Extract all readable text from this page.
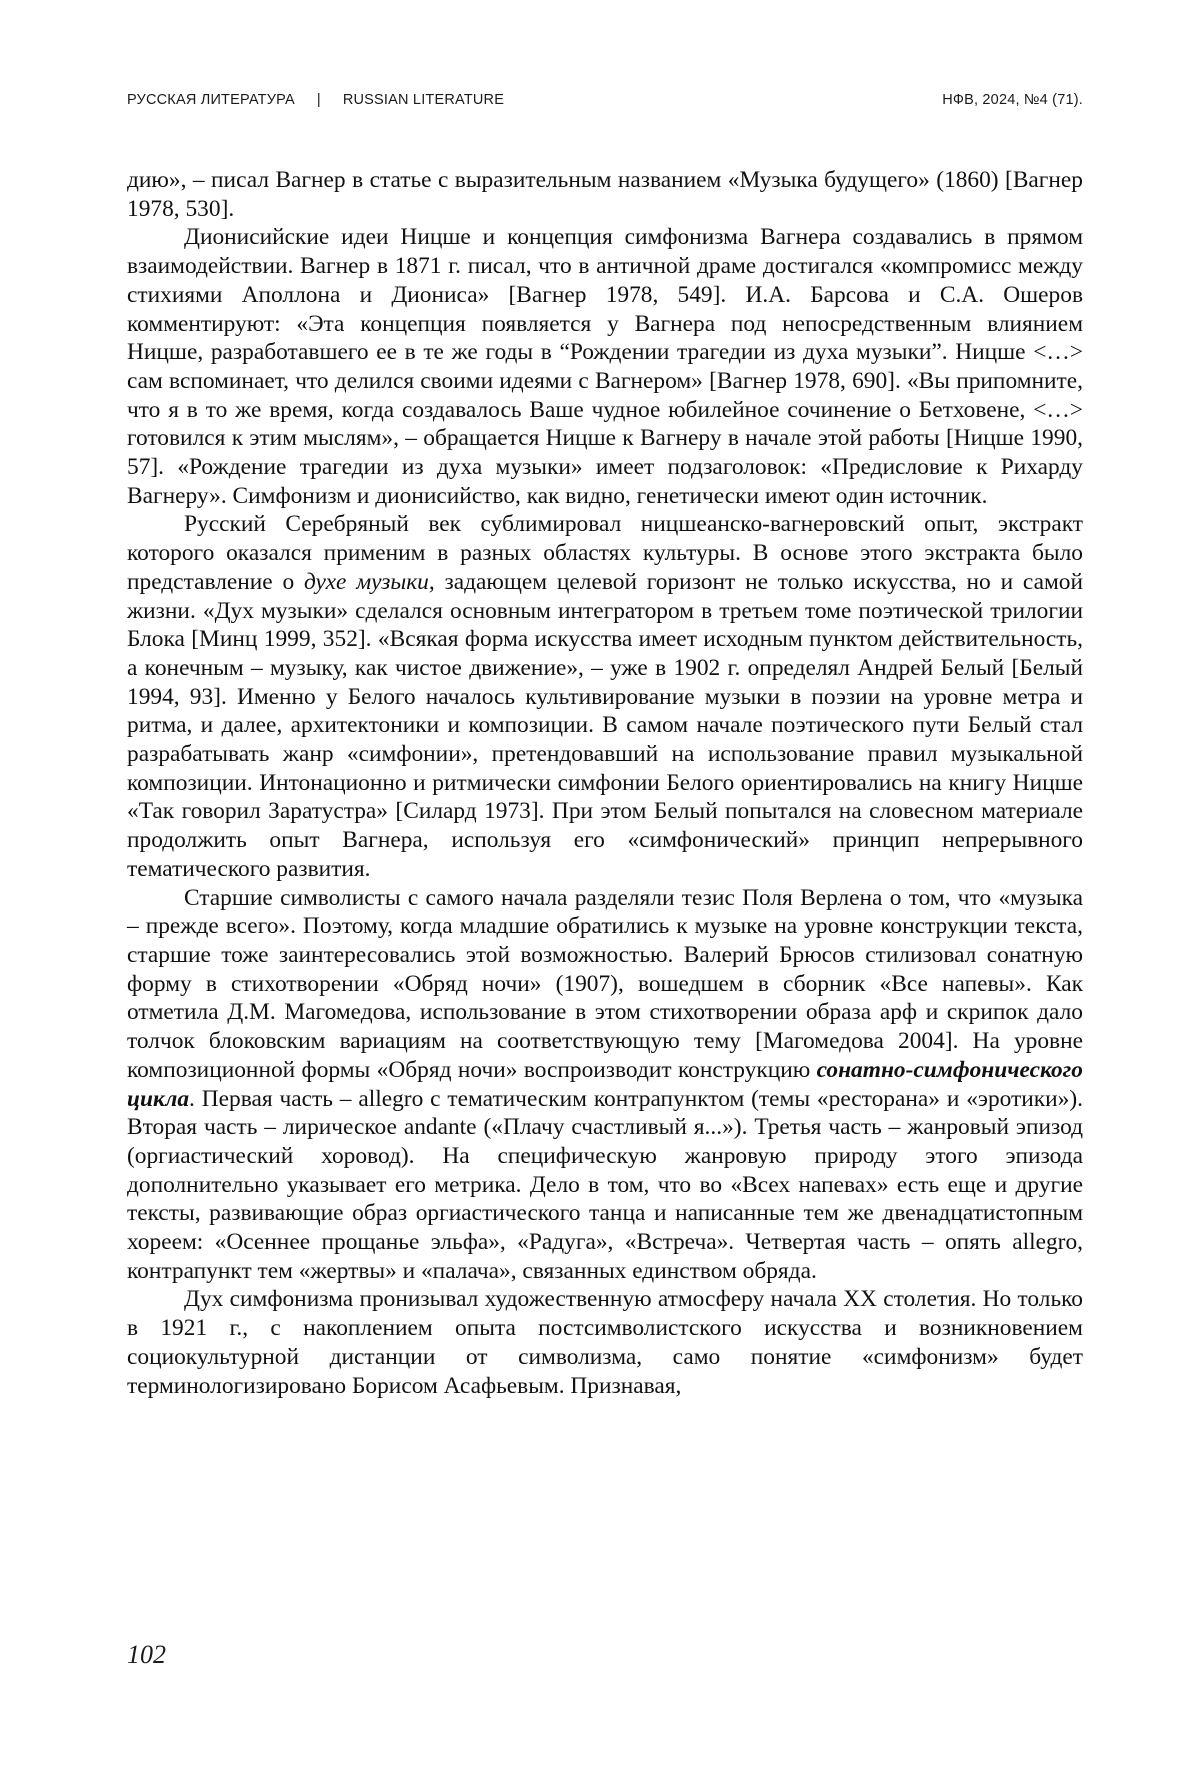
РУССКАЯ ЛИТЕРАТУРА | RUSSIAN LITERATURE	НФВ, 2024, №4 (71).

дию», – писал Вагнер в статье с выразительным названием «Музыка будущего» (1860) [Вагнер 1978, 530].

Дионисийские идеи Ницше и концепция симфонизма Вагнера создавались в прямом взаимодействии. Вагнер в 1871 г. писал, что в античной драме достигался «компромисс между стихиями Аполлона и Диониса» [Вагнер 1978, 549]. И.А. Барсова и С.А. Ошеров комментируют: «Эта концепция появляется у Вагнера под непосредственным влиянием Ницше, разработавшего ее в те же годы в “Рождении трагедии из духа музыки”. Ницше <…> сам вспоминает, что делился своими идеями с Вагнером» [Вагнер 1978, 690]. «Вы припомните, что я в то же время, когда создавалось Ваше чудное юбилейное сочинение о Бетховене, <…> готовился к этим мыслям», – обращается Ницше к Вагнеру в начале этой работы [Ницше 1990, 57]. «Рождение трагедии из духа музыки» имеет подзаголовок: «Предисловие к Рихарду Вагнеру». Симфонизм и дионисийство, как видно, генетически имеют один источник.

Русский Серебряный век сублимировал ницшеанско-вагнеровский опыт, экстракт которого оказался применим в разных областях культуры. В основе этого экстракта было представление о духе музыки, задающем целевой горизонт не только искусства, но и самой жизни. «Дух музыки» сделался основным интегратором в третьем томе поэтической трилогии Блока [Минц 1999, 352]. «Всякая форма искусства имеет исходным пунктом действительность, а конечным – музыку, как чистое движение», – уже в 1902 г. определял Андрей Белый [Белый 1994, 93]. Именно у Белого началось культивирование музыки в поэзии на уровне метра и ритма, и далее, архитектоники и композиции. В самом начале поэтического пути Белый стал разрабатывать жанр «симфонии», претендовавший на использование правил музыкальной композиции. Интонационно и ритмически симфонии Белого ориентировались на книгу Ницше «Так говорил Заратустра» [Силард 1973]. При этом Белый попытался на словесном материале продолжить опыт Вагнера, используя его «симфонический» принцип непрерывного тематического развития.

Старшие символисты с самого начала разделяли тезис Поля Верлена о том, что «музыка – прежде всего». Поэтому, когда младшие обратились к музыке на уровне конструкции текста, старшие тоже заинтересовались этой возможностью. Валерий Брюсов стилизовал сонатную форму в стихотворении «Обряд ночи» (1907), вошедшем в сборник «Все напевы». Как отметила Д.М. Магомедова, использование в этом стихотворении образа арф и скрипок дало толчок блоковским вариациям на соответствующую тему [Магомедова 2004]. На уровне композиционной формы «Обряд ночи» воспроизводит конструкцию сонатно-симфонического цикла. Первая часть – allegro с тематическим контрапунктом (темы «ресторана» и «эротики»). Вторая часть – лирическое andante («Плачу счастливый я...»). Третья часть – жанровый эпизод (оргиастический хоровод). На специфическую жанровую природу этого эпизода дополнительно указывает его метрика. Дело в том, что во «Всех напевах» есть еще и другие тексты, развивающие образ оргиастического танца и написанные тем же двенадцатистопным хореем: «Осеннее прощанье эльфа», «Радуга», «Встреча». Четвертая часть – опять allegro, контрапункт тем «жертвы» и «палача», связанных единством обряда.

Дух симфонизма пронизывал художественную атмосферу начала XX столетия. Но только в 1921 г., с накоплением опыта постсимволистского искусства и возникновением социокультурной дистанции от символизма, само понятие «симфонизм» будет терминологизировано Борисом Асафьевым. Признавая,

102
